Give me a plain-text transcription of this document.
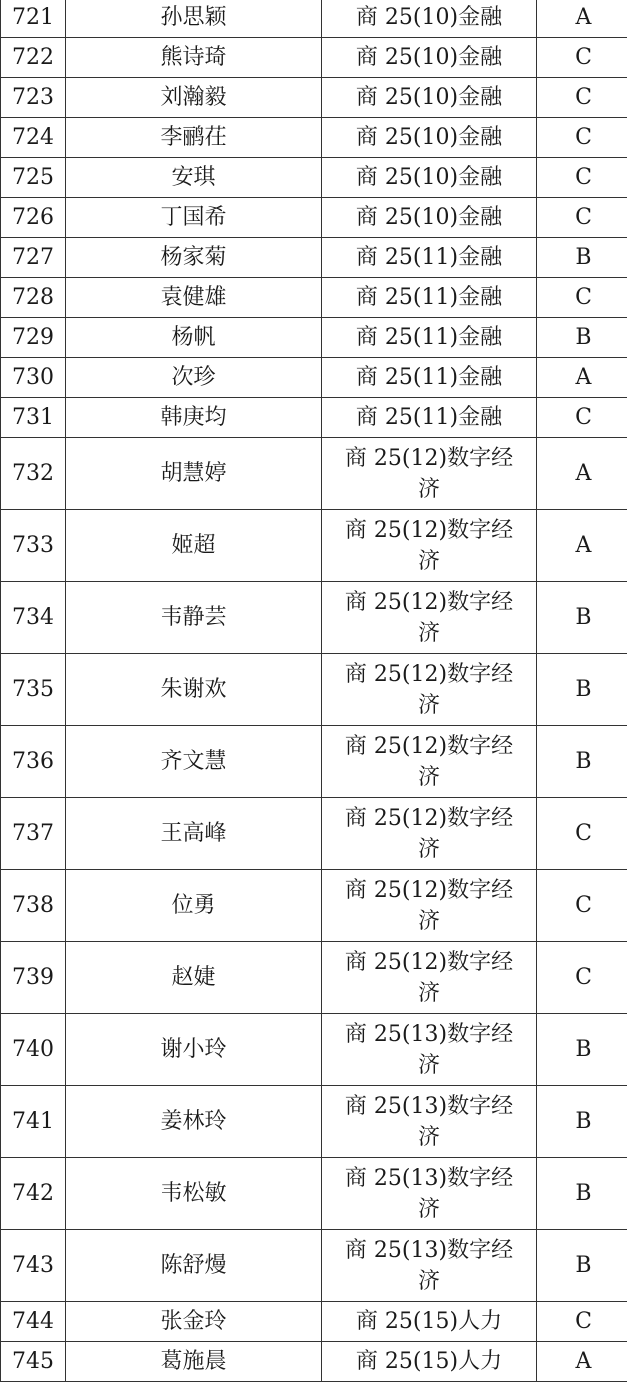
721	孙思颖	商 25(10)金融	A
722	熊诗琦	商 25(10)金融	C
723	刘瀚毅	商 25(10)金融	C
724	李鹂茌	商 25(10)金融	C
725	安琪	商 25(10)金融	C
726	丁国希	商 25(10)金融	C
727	杨家菊	商 25(11)金融	B
728	袁健雄	商 25(11)金融	C
729	杨帆	商 25(11)金融	B
730	次珍	商 25(11)金融	A
731	韩庚均	商 25(11)金融	C
732	胡慧婷	商 25(12)数字经济	A
733	姬超	商 25(12)数字经济	A
734	韦静芸	商 25(12)数字经济	B
735	朱谢欢	商 25(12)数字经济	B
736	齐文慧	商 25(12)数字经济	B
737	王高峰	商 25(12)数字经济	C
738	位勇	商 25(12)数字经济	C
739	赵婕	商 25(12)数字经济	C
740	谢小玲	商 25(13)数字经济	B
741	姜林玲	商 25(13)数字经济	B
742	韦松敏	商 25(13)数字经济	B
743	陈舒熳	商 25(13)数字经济	B
744	张金玲	商 25(15)人力	C
745	葛施晨	商 25(15)人力	A
